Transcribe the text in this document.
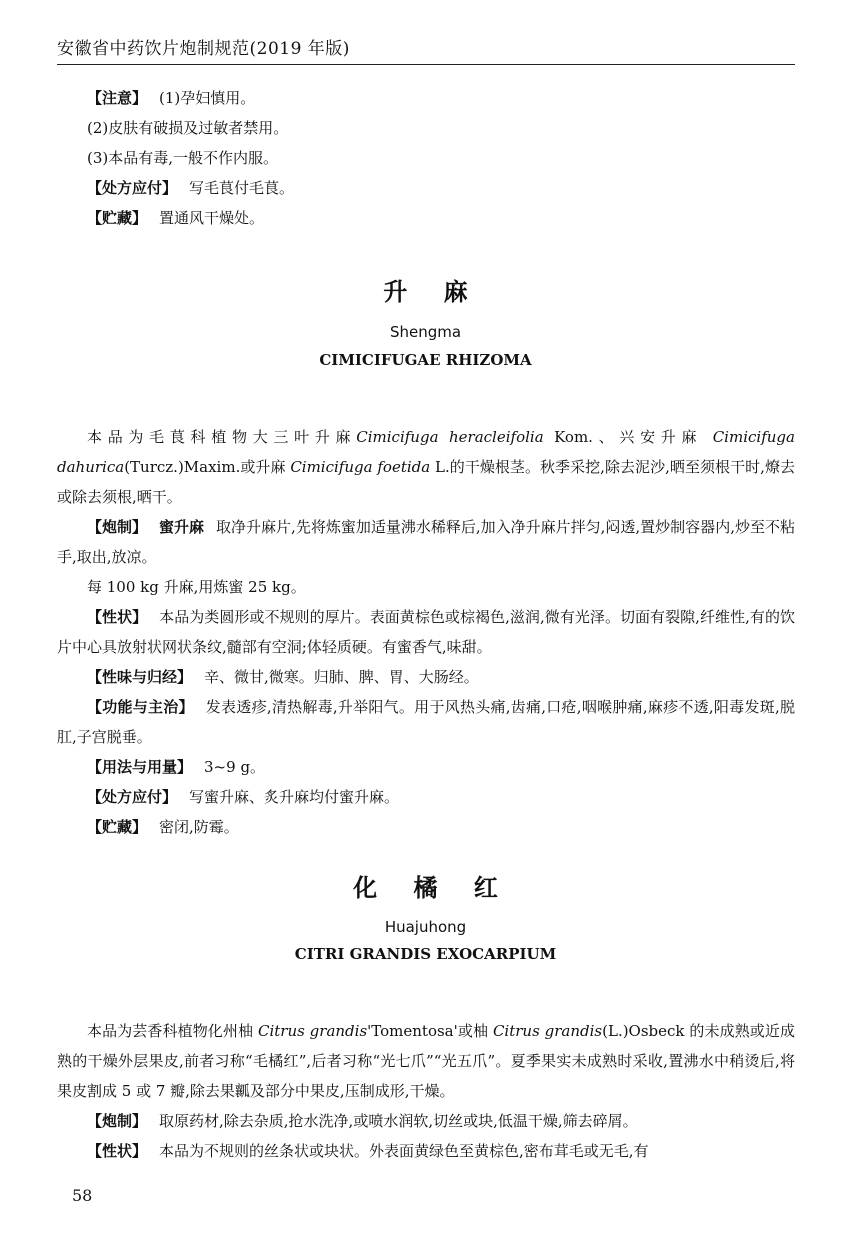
安徽省中药饮片炮制规范(2019 年版)

【注意】 (1)孕妇慎用。

(2)皮肤有破损及过敏者禁用。

(3)本品有毒,一般不作内服。

【处方应付】 写毛茛付毛茛。

【贮藏】 置通风干燥处。

升 麻
Shengma
CIMICIFUGAE RHIZOMA

本品为毛茛科植物大三叶升麻Cimicifuga heracleifolia Kom.、兴安升麻 Cimicifuga dahurica(Turcz.)Maxim.或升麻 Cimicifuga foetida L.的干燥根茎。秋季采挖,除去泥沙,晒至须根干时,燎去或除去须根,晒干。

【炮制】 蜜升麻 取净升麻片,先将炼蜜加适量沸水稀释后,加入净升麻片拌匀,闷透,置炒制容器内,炒至不粘手,取出,放凉。

每 100 kg 升麻,用炼蜜 25 kg。

【性状】 本品为类圆形或不规则的厚片。表面黄棕色或棕褐色,滋润,微有光泽。切面有裂隙,纤维性,有的饮片中心具放射状网状条纹,髓部有空洞;体轻质硬。有蜜香气,味甜。

【性味与归经】 辛、微甘,微寒。归肺、脾、胃、大肠经。

【功能与主治】 发表透疹,清热解毒,升举阳气。用于风热头痛,齿痛,口疮,咽喉肿痛,麻疹不透,阳毒发斑,脱肛,子宫脱垂。

【用法与用量】 3~9 g。

【处方应付】 写蜜升麻、炙升麻均付蜜升麻。

【贮藏】 密闭,防霉。

化 橘 红
Huajuhong
CITRI GRANDIS EXOCARPIUM

本品为芸香科植物化州柚 Citrus grandis'Tomentosa'或柚 Citrus grandis(L.)Osbeck 的未成熟或近成熟的干燥外层果皮,前者习称“毛橘红”,后者习称“光七爪”“光五爪”。夏季果实未成熟时采收,置沸水中稍烫后,将果皮割成 5 或 7 瓣,除去果瓤及部分中果皮,压制成形,干燥。

【炮制】 取原药材,除去杂质,抢水洗净,或喷水润软,切丝或块,低温干燥,筛去碎屑。

【性状】 本品为不规则的丝条状或块状。外表面黄绿色至黄棕色,密布茸毛或无毛,有

58
